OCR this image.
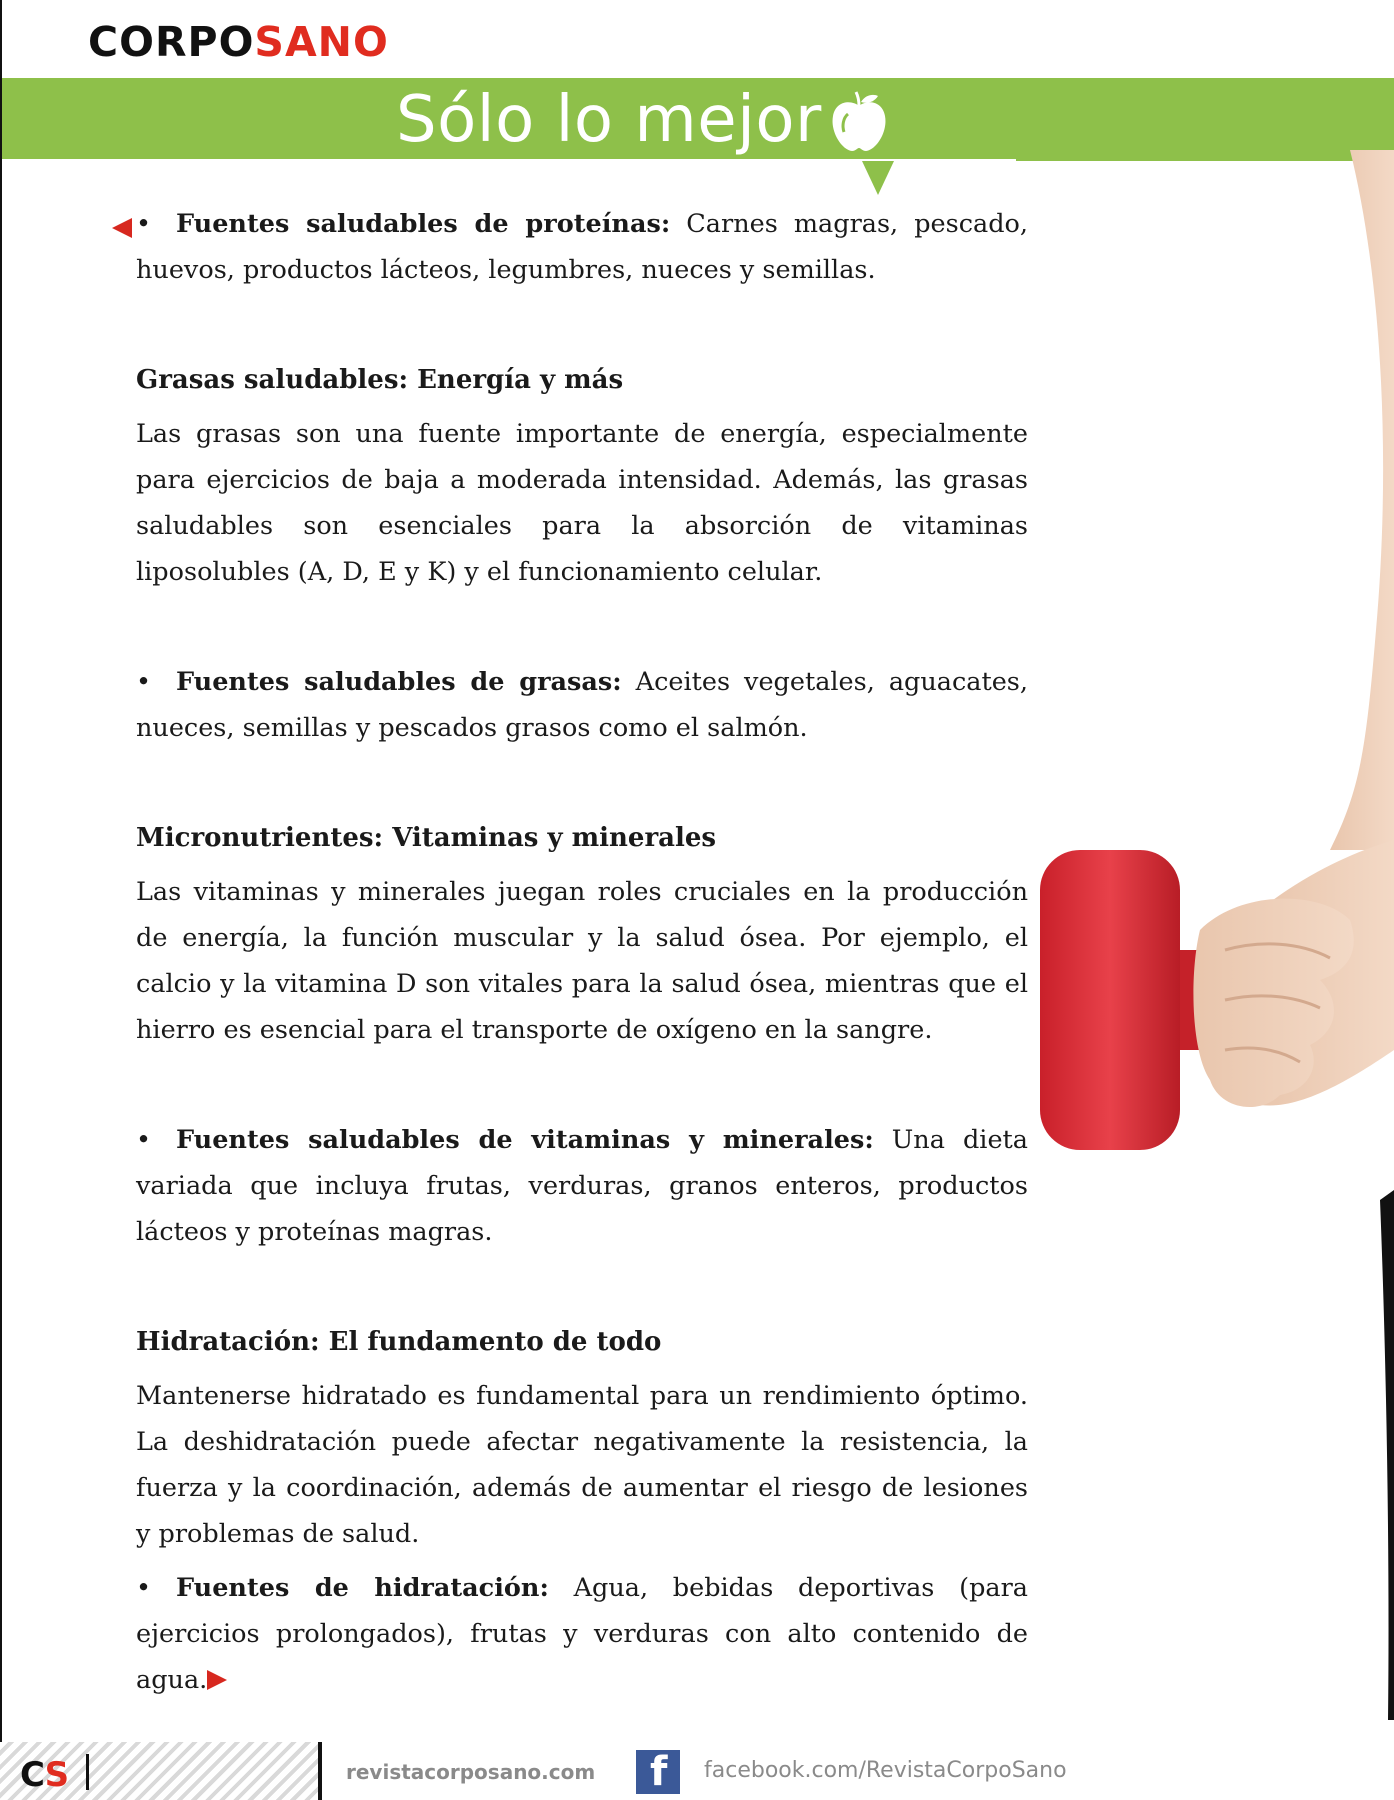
CORPOSANO
Sólo lo mejor

• Fuentes saludables de proteínas: Carnes magras, pescado, huevos, productos lácteos, legumbres, nueces y semillas.

Grasas saludables: Energía y más

Las grasas son una fuente importante de energía, especialmente para ejercicios de baja a moderada intensidad. Además, las grasas saludables son esenciales para la absorción de vitaminas liposolubles (A, D, E y K) y el funcionamiento celular.

• Fuentes saludables de grasas: Aceites vegetales, aguacates, nueces, semillas y pescados grasos como el salmón.

Micronutrientes: Vitaminas y minerales

Las vitaminas y minerales juegan roles cruciales en la producción de energía, la función muscular y la salud ósea. Por ejemplo, el calcio y la vitamina D son vitales para la salud ósea, mientras que el hierro es esencial para el transporte de oxígeno en la sangre.

• Fuentes saludables de vitaminas y minerales: Una dieta variada que incluya frutas, verduras, granos enteros, productos lácteos y proteínas magras.

Hidratación: El fundamento de todo

Mantenerse hidratado es fundamental para un rendimiento óptimo. La deshidratación puede afectar negativamente la resistencia, la fuerza y la coordinación, además de aumentar el riesgo de lesiones y problemas de salud.

• Fuentes de hidratación: Agua, bebidas deportivas (para ejercicios prolongados), frutas y verduras con alto contenido de agua.

CS	revistacorposano.com f facebook.com/RevistaCorpoSano
